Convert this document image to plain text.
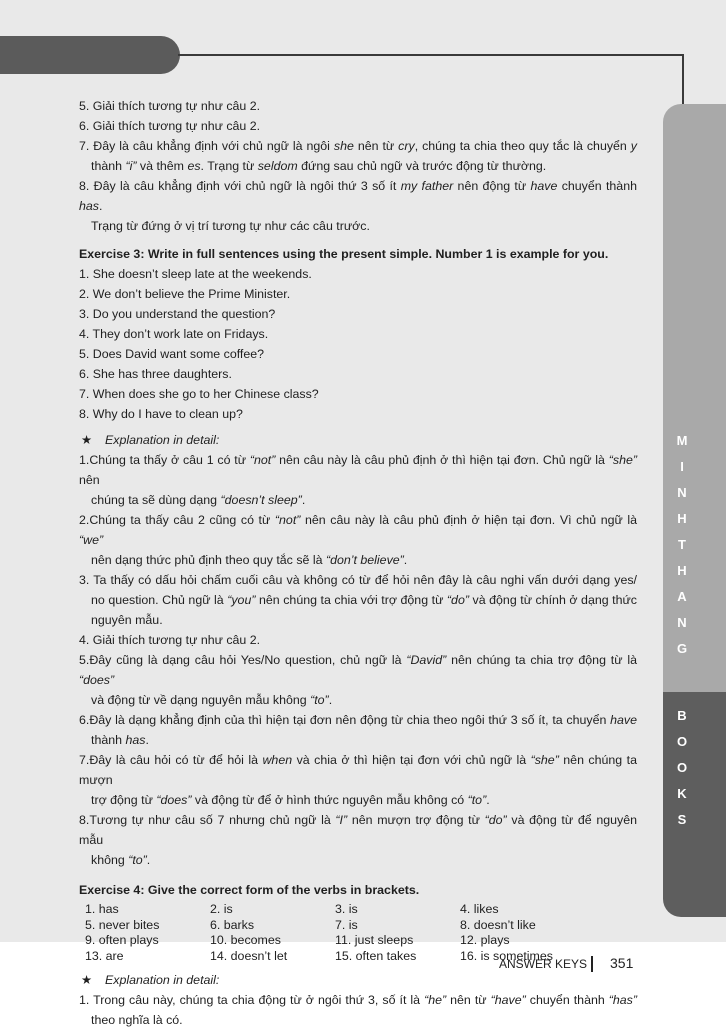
M
I
N
H
T
H
A
N
G
B
O
O
K
S
5. Giải thích tương tự như câu 2.
6. Giải thích tương tự như câu 2.
7. Đây là câu khẳng định với chủ ngữ là ngôi she nên từ cry, chúng ta chia theo quy tắc là chuyển y
thành “i” và thêm es. Trạng từ seldom đứng sau chủ ngữ và trước động từ thường.
8. Đây là câu khẳng định với chủ ngữ là ngôi thứ 3 số ít my father nên động từ have chuyển thành has.
Trạng từ đứng ở vị trí tương tự như các câu trước.
Exercise 3: Write in full sentences using the present simple. Number 1 is example for you.
1. She doesn’t sleep late at the weekends.
2. We don’t believe the Prime Minister.
3. Do you understand the question?
4. They don’t work late on Fridays.
5. Does David want some coffee?
6. She has three daughters.
7. When does she go to her Chinese class?
8. Why do I have to clean up?
★ Explanation in detail:
1.Chúng ta thấy ở câu 1 có từ “not” nên câu này là câu phủ định ở thì hiện tại đơn. Chủ ngữ là “she” nên
chúng ta sẽ dùng dạng “doesn’t sleep”.
2.Chúng ta thấy câu 2 cũng có từ “not” nên câu này là câu phủ định ở hiện tại đơn. Vì chủ ngữ là “we”
nên dạng thức phủ định theo quy tắc sẽ là “don’t believe”.
3. Ta thấy có dấu hỏi chấm cuối câu và không có từ để hỏi nên đây là câu nghi vấn dưới dạng yes/
no question. Chủ ngữ là “you” nên chúng ta chia với trợ động từ “do” và động từ chính ở dạng thức
nguyên mẫu.
4. Giải thích tương tự như câu 2.
5.Đây cũng là dạng câu hỏi Yes/No question, chủ ngữ là “David” nên chúng ta chia trợ động từ là “does”
và động từ về dạng nguyên mẫu không “to”.
6.Đây là dạng khẳng định của thì hiện tại đơn nên động từ chia theo ngôi thứ 3 số ít, ta chuyển have
thành has.
7.Đây là câu hỏi có từ để hỏi là when và chia ở thì hiện tại đơn với chủ ngữ là “she” nên chúng ta mượn
trợ động từ “does” và động từ để ở hình thức nguyên mẫu không có “to”.
8.Tương tự như câu số 7 nhưng chủ ngữ là “I” nên mượn trợ động từ “do” và động từ để nguyên mẫu
không “to”.
Exercise 4: Give the correct form of the verbs in brackets.
1. has	2. is	3. is	4. likes
5. never bites	6. barks	7. is	8. doesn’t like
9. often plays	10. becomes	11. just sleeps	12. plays
13. are	14. doesn’t let	15. often takes	16. is sometimes
★ Explanation in detail:
1. Trong câu này, chúng ta chia động từ ở ngôi thứ 3, số ít là “he” nên từ “have” chuyển thành “has”
theo nghĩa là có.
ANSWER KEYS 351
